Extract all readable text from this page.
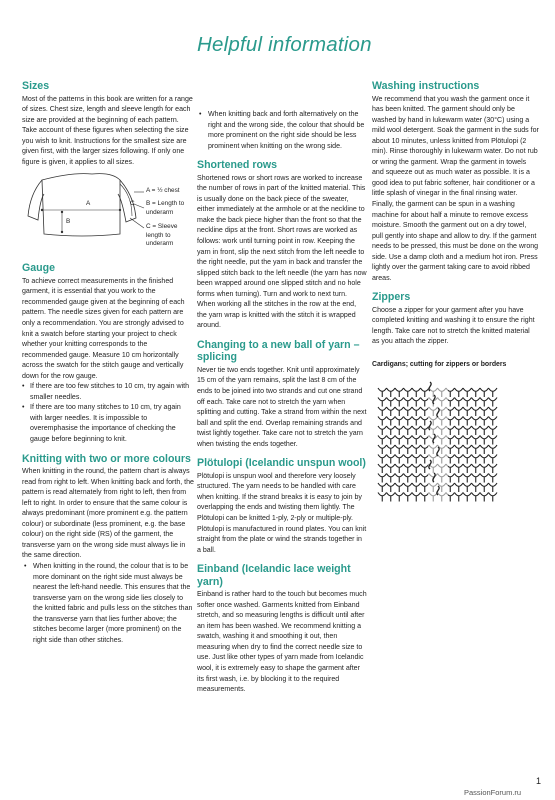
Helpful information
Sizes

Most of the patterns in this book are written for a range of sizes. Chest size, length and sleeve length for each size are provided at the beginning of each pattern. Take account of these figures when selecting the size you wish to knit. Instructions for the smallest size are given first, with the larger sizes following. If only one figure is given, it applies to all sizes.

A
B
C
A = ½ chest
B = Length to underarm
C = Sleeve length to underarm
Gauge

To achieve correct measurements in the finished garment, it is essential that you work to the recommended gauge given at the beginning of each pattern. The needle sizes given for each pattern are only a recommendation. You are strongly advised to knit a swatch before starting your project to check whether your knitting corresponds to the recommended gauge. Measure 10 cm horizontally across the swatch for the stitch gauge and vertically down for the row gauge.

• If there are too few stitches to 10 cm, try again with smaller needles.
• If there are too many stitches to 10 cm, try again with larger needles. It is impossible to overemphasise the importance of checking the gauge before beginning to knit.
Knitting with two or more colours

When knitting in the round, the pattern chart is always read from right to left. When knitting back and forth, the pattern is read alternately from right to left, then from left to right. In order to ensure that the same colour is always predominant (more prominent e.g. the pattern colour) or subordinate (less prominent, e.g. the base colour) on the right side (RS) of the garment, the transverse yarn on the wrong side must always lie in the same direction.

• When knitting in the round, the colour that is to be more dominant on the right side must always be nearest the left-hand needle. This ensures that the transverse yarn on the wrong side lies closely to the knitted fabric and pulls less on the stitches than the transverse yarn that lies further above; the stitches become larger (more prominent) on the right side than other stitches.
• When knitting back and forth alternatively on the right and the wrong side, the colour that should be more prominent on the right side should be less prominent when knitting on the wrong side.
Shortened rows

Shortened rows or short rows are worked to increase the number of rows in part of the knitted material. This is usually done on the back piece of the sweater, either immediately at the armhole or at the neckline to make the back piece higher than the front so that the neckline dips at the front. Short rows are worked as follows: work until turning point in row. Keeping the yarn in front, slip the next stitch from the left needle to the right needle, put the yarn in back and transfer the slipped stitch back to the left needle (the yarn has now been wrapped around one slipped stitch and no hole forms when turning). Turn and work to next turn. When working all the stitches in the row at the end, the yarn wrap is knitted with the stitch it is wrapped around.

Changing to a new ball of yarn – splicing

Never tie two ends together. Knit until approximately 15 cm of the yarn remains, split the last 8 cm of the ends to be joined into two strands and cut one strand off each. Take care not to stretch the yarn when splitting and cutting. Take a strand from within the next ball and split the end. Overlap remaining strands and twist lightly together. Take care not to stretch the yarn when twisting the ends together.

Plötulopi (Icelandic unspun wool)

Plötulopi is unspun wool and therefore very loosely structured. The yarn needs to be handled with care when knitting. If the strand breaks it is easy to join by overlapping the ends and twisting them lightly. The Plötulopi can be knitted 1-ply, 2-ply or multiple-ply. Plötulopi is manufactured in round plates. You can knit straight from the plate or wind the strands together in a ball.

Einband (Icelandic lace weight yarn)

Einband is rather hard to the touch but becomes much softer once washed. Garments knitted from Einband stretch, and so measuring lengths is difficult until after an item has been washed. We recommend knitting a swatch, washing it and smoothing it out, then measuring when dry to find the correct needle size to use. Just like other types of yarn made from Icelandic wool, it is extremely easy to shape the garment after its first wash, i.e. by blocking it to the required measurements.

Washing instructions

We recommend that you wash the garment once it has been knitted. The garment should only be washed by hand in lukewarm water (30°C) using a mild wool detergent. Soak the garment in the suds for about 10 minutes, unless knitted from Plötulopi (2 min). Rinse thoroughly in lukewarm water. Do not rub or wring the garment. Wrap the garment in towels and squeeze out as much water as possible. It is a good idea to put fabric softener, hair conditioner or a little splash of vinegar in the final rinsing water. Finally, the garment can be spun in a washing machine for about half a minute to remove excess moisture. Smooth the garment out on a dry towel, pull gently into shape and allow to dry. If the garment needs to be pressed, this must be done on the wrong side. Use a damp cloth and a medium hot iron. Press lightly over the garment taking care to avoid ribbed areas.

Zippers

Choose a zipper for your garment after you have completed knitting and washing it to ensure the right length. Take care not to stretch the knitted material as you attach the zipper.

Cardigans; cutting for zippers or borders
1
PassionForum.ru
